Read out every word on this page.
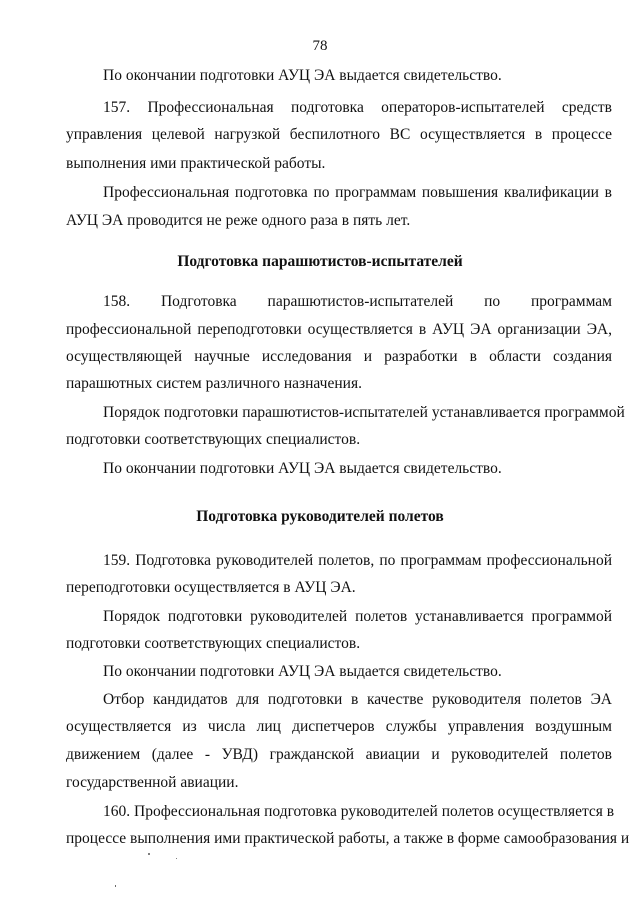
78
По окончании подготовки АУЦ ЭА выдается свидетельство.
157. Профессиональная подготовка операторов-испытателей средств
управления целевой нагрузкой беспилотного ВС осуществляется в процессе
выполнения ими практической работы.
Профессиональная подготовка по программам повышения квалификации в
АУЦ ЭА проводится не реже одного раза в пять лет.
Подготовка парашютистов-испытателей
158. Подготовка парашютистов-испытателей по программам
профессиональной переподготовки осуществляется в АУЦ ЭА организации ЭА,
осуществляющей научные исследования и разработки в области создания
парашютных систем различного назначения.
Порядок подготовки парашютистов-испытателей устанавливается программой
подготовки соответствующих специалистов.
По окончании подготовки АУЦ ЭА выдается свидетельство.
Подготовка руководителей полетов
159. Подготовка руководителей полетов, по программам профессиональной
переподготовки осуществляется в АУЦ ЭА.
Порядок подготовки руководителей полетов устанавливается программой
подготовки соответствующих специалистов.
По окончании подготовки АУЦ ЭА выдается свидетельство.
Отбор кандидатов для подготовки в качестве руководителя полетов ЭА
осуществляется из числа лиц диспетчеров службы управления воздушным
движением (далее - УВД) гражданской авиации и руководителей полетов
государственной авиации.
160. Профессиональная подготовка руководителей полетов осуществляется в
процессе выполнения ими практической работы, а также в форме самообразования и
